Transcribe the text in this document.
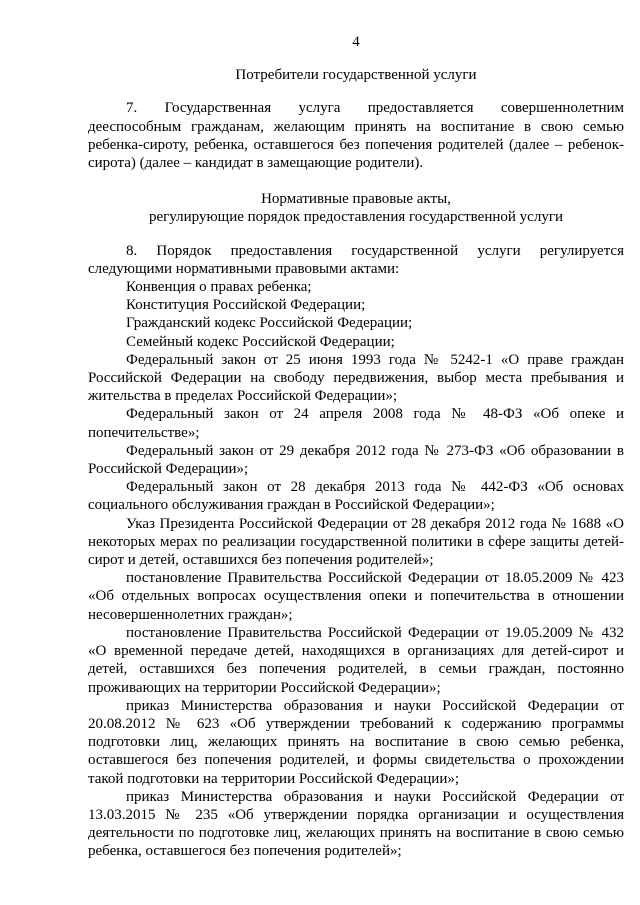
4
Потребители государственной услуги

7. Государственная услуга предоставляется совершеннолетним дееспособным гражданам, желающим принять на воспитание в свою семью ребенка-сироту, ребенка, оставшегося без попечения родителей (далее – ребенок-сирота) (далее – кандидат в замещающие родители).

Нормативные правовые акты,
регулирующие порядок предоставления государственной услуги

8. Порядок предоставления государственной услуги регулируется следующими нормативными правовыми актами:

Конвенция о правах ребенка;

Конституция Российской Федерации;

Гражданский кодекс Российской Федерации;

Семейный кодекс Российской Федерации;

Федеральный закон от 25 июня 1993 года № 5242-1 «О праве граждан Российской Федерации на свободу передвижения, выбор места пребывания и жительства в пределах Российской Федерации»;

Федеральный закон от 24 апреля 2008 года № 48-ФЗ «Об опеке и попечительстве»;

Федеральный закон от 29 декабря 2012 года № 273-ФЗ «Об образовании в Российской Федерации»;

Федеральный закон от 28 декабря 2013 года № 442-ФЗ «Об основах социального обслуживания граждан в Российской Федерации»;

Указ Президента Российской Федерации от 28 декабря 2012 года № 1688 «О некоторых мерах по реализации государственной политики в сфере защиты детей-сирот и детей, оставшихся без попечения родителей»;

постановление Правительства Российской Федерации от 18.05.2009 № 423 «Об отдельных вопросах осуществления опеки и попечительства в отношении несовершеннолетних граждан»;

постановление Правительства Российской Федерации от 19.05.2009 № 432 «О временной передаче детей, находящихся в организациях для детей-сирот и детей, оставшихся без попечения родителей, в семьи граждан, постоянно проживающих на территории Российской Федерации»;

приказ Министерства образования и науки Российской Федерации от 20.08.2012 № 623 «Об утверждении требований к содержанию программы подготовки лиц, желающих принять на воспитание в свою семью ребенка, оставшегося без попечения родителей, и формы свидетельства о прохождении такой подготовки на территории Российской Федерации»;

приказ Министерства образования и науки Российской Федерации от 13.03.2015 № 235 «Об утверждении порядка организации и осуществления деятельности по подготовке лиц, желающих принять на воспитание в свою семью ребенка, оставшегося без попечения родителей»;
